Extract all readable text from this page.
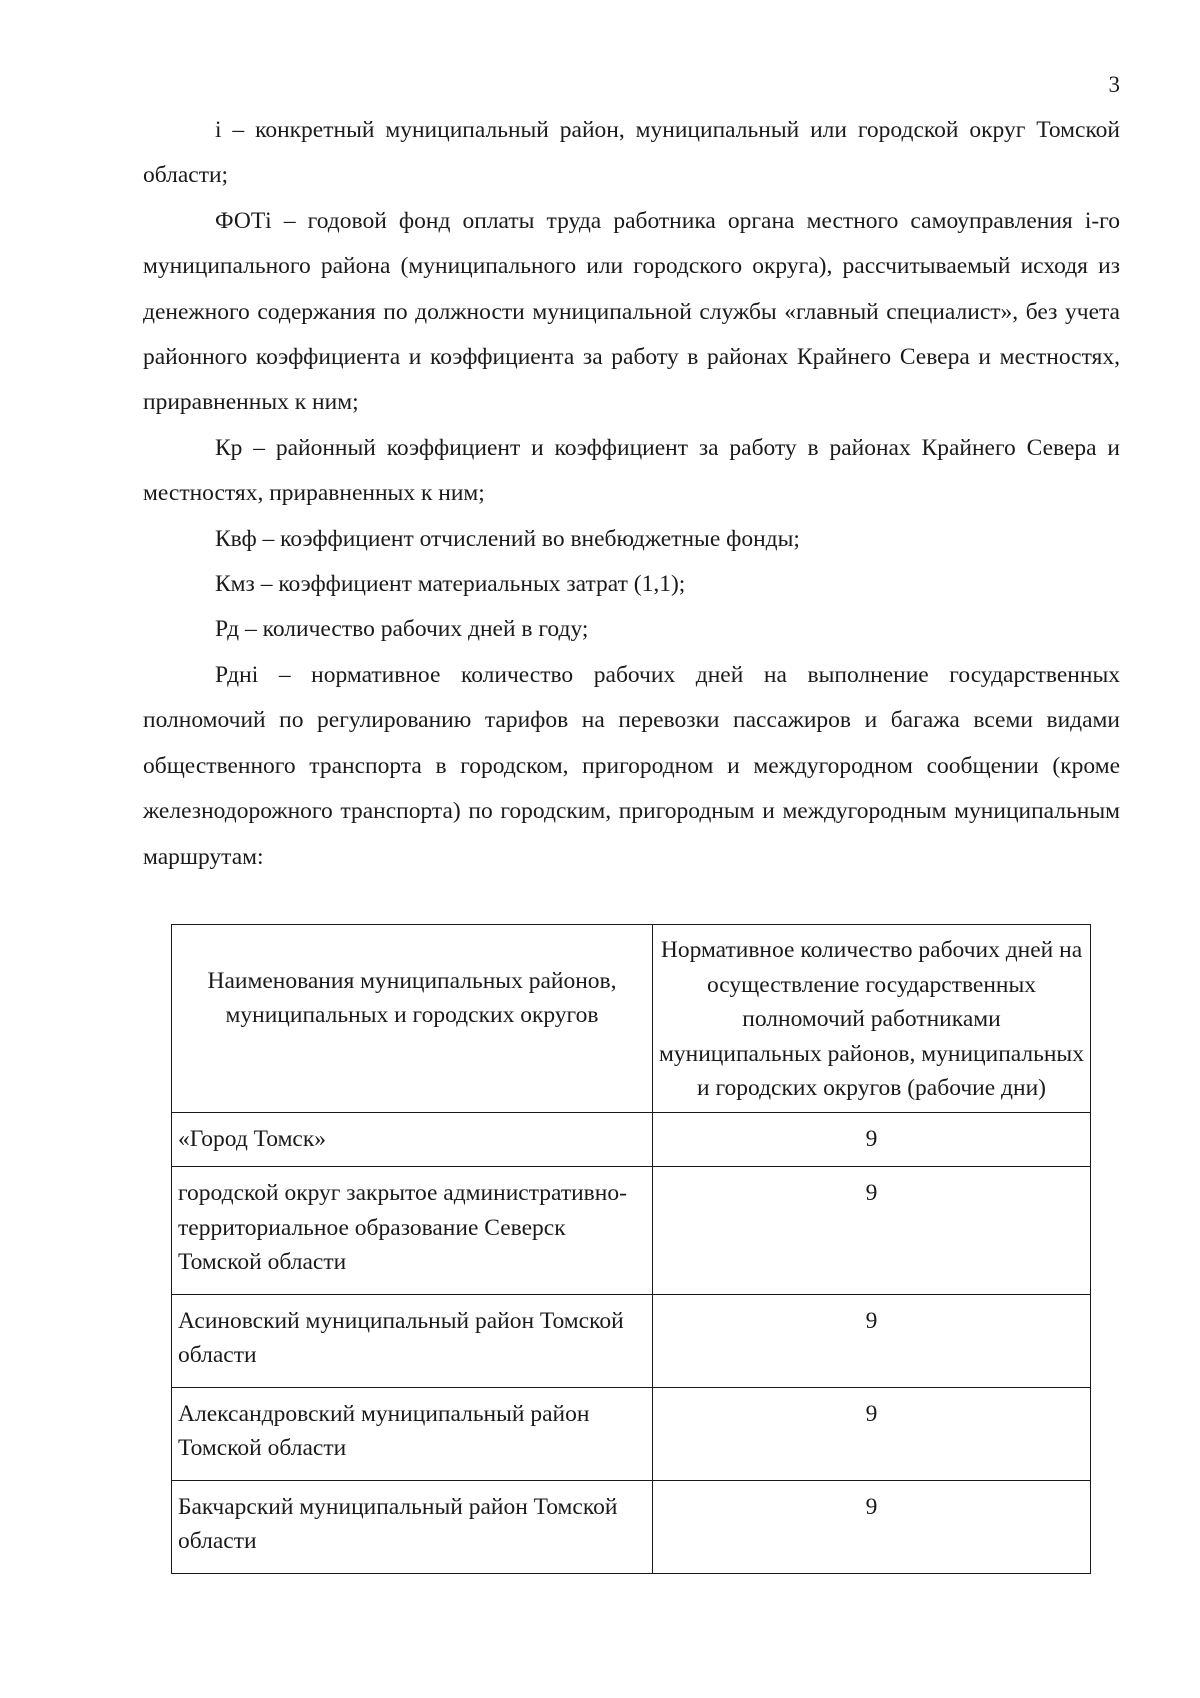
3

i – конкретный муниципальный район, муниципальный или городской округ Томской области;

ФОТi – годовой фонд оплаты труда работника органа местного самоуправления i-го муниципального района (муниципального или городского округа), рассчитываемый исходя из денежного содержания по должности муниципальной службы «главный специалист», без учета районного коэффициента и коэффициента за работу в районах Крайнего Севера и местностях, приравненных к ним;

Кр – районный коэффициент и коэффициент за работу в районах Крайнего Севера и местностях, приравненных к ним;

Квф – коэффициент отчислений во внебюджетные фонды;

Кмз – коэффициент материальных затрат (1,1);

Рд – количество рабочих дней в году;

Рдні – нормативное количество рабочих дней на выполнение государственных полномочий по регулированию тарифов на перевозки пассажиров и багажа всеми видами общественного транспорта в городском, пригородном и междугородном сообщении (кроме железнодорожного транспорта) по городским, пригородным и междугородным муниципальным маршрутам:

Наименования муниципальных районов, муниципальных и городских округов	Нормативное количество рабочих дней на осуществление государственных полномочий работниками муниципальных районов, муниципальных и городских округов (рабочие дни)
«Город Томск»	9
городской округ закрытое административно-территориальное образование Северск Томской области	9
Асиновский муниципальный район Томской области	9
Александровский муниципальный район Томской области	9
Бакчарский муниципальный район Томской области	9
